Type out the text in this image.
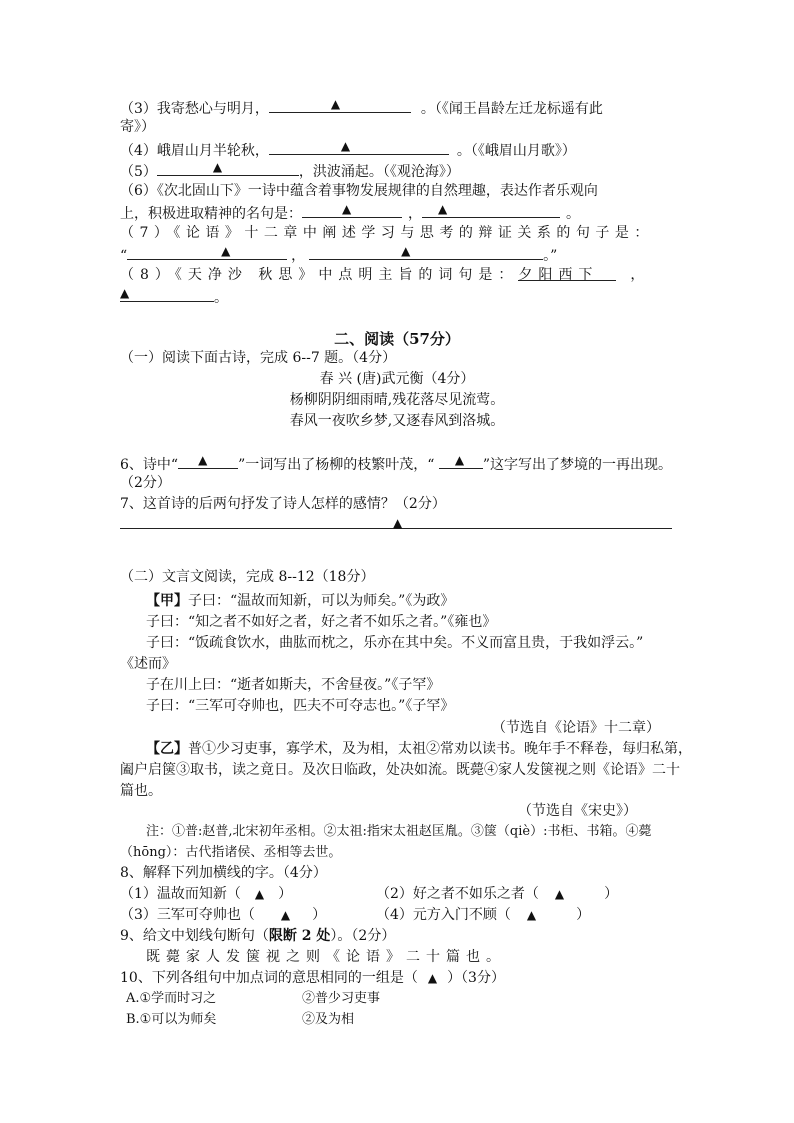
（3）我寄愁心与明月，	▲	。（《闻王昌龄左迁龙标遥有此
寄》）
（4）峨眉山月半轮秋，	▲	。（《峨眉山月歌》）
（5）	▲	，洪波涌起。（《观沧海》）
（6）《次北固山下》一诗中蕴含着事物发展规律的自然理趣，表达作者乐观向
上，积极进取精神的名句是：	▲	， ▲	。
（7）《论语》十二章中阐述学习与思考的辩证关系的句子是：
“	▲	，	▲	。”
（8）《天净沙 秋思》中点明主旨的词句是：夕阳西下 ，
▲	。
二、阅读（57分）
（一）阅读下面古诗，完成 6--7 题。（4分）
春 兴 (唐)武元衡（4分）
杨柳阴阴细雨晴,残花落尽见流莺。
春风一夜吹乡梦,又逐春风到洛城。
6、诗中“ ▲ ”一词写出了杨柳的枝繁叶茂，“ ▲ ”这字写出了梦境的一再出现。
（2分）
7、这首诗的后两句抒发了诗人怎样的感情？（2分）
▲
（二）文言文阅读，完成 8--12（18分）
【甲】子曰：“温故而知新，可以为师矣。”《为政》
子曰：“知之者不如好之者，好之者不如乐之者。”《雍也》
子曰：“饭疏食饮水，曲肱而枕之，乐亦在其中矣。不义而富且贵，于我如浮云。”
《述而》
子在川上曰：“逝者如斯夫，不舍昼夜。”《子罕》
子曰：“三军可夺帅也，匹夫不可夺志也。”《子罕》
（节选自《论语》十二章）
【乙】普①少习吏事，寡学术，及为相，太祖②常劝以读书。晚年手不释卷，每归私第，
阖户启箧③取书，读之竟日。及次日临政，处决如流。既薨④家人发箧视之则《论语》二十
篇也。
（节选自《宋史》）
注：①普:赵普,北宋初年丞相。②太祖:指宋太祖赵匡胤。③箧（qiè）:书柜、书箱。④薨
（hōng）：古代指诸侯、丞相等去世。
8、解释下列加横线的字。（4分）
（1）温故而知新（ ▲ ）	（2）好之者不如乐之者（ ▲	）
（3）三军可夺帅也（ ▲ ）	（4）元方入门不顾（ ▲	）
9、给文中划线句断句（限断 2 处）。（2分）
既薨家人发箧视之则《论语》二十篇也。
10、下列各组句中加点词的意思相同的一组是（ ▲ ）（3分）
A.①学而时习之	②普少习吏事
B.①可以为师矣	②及为相
